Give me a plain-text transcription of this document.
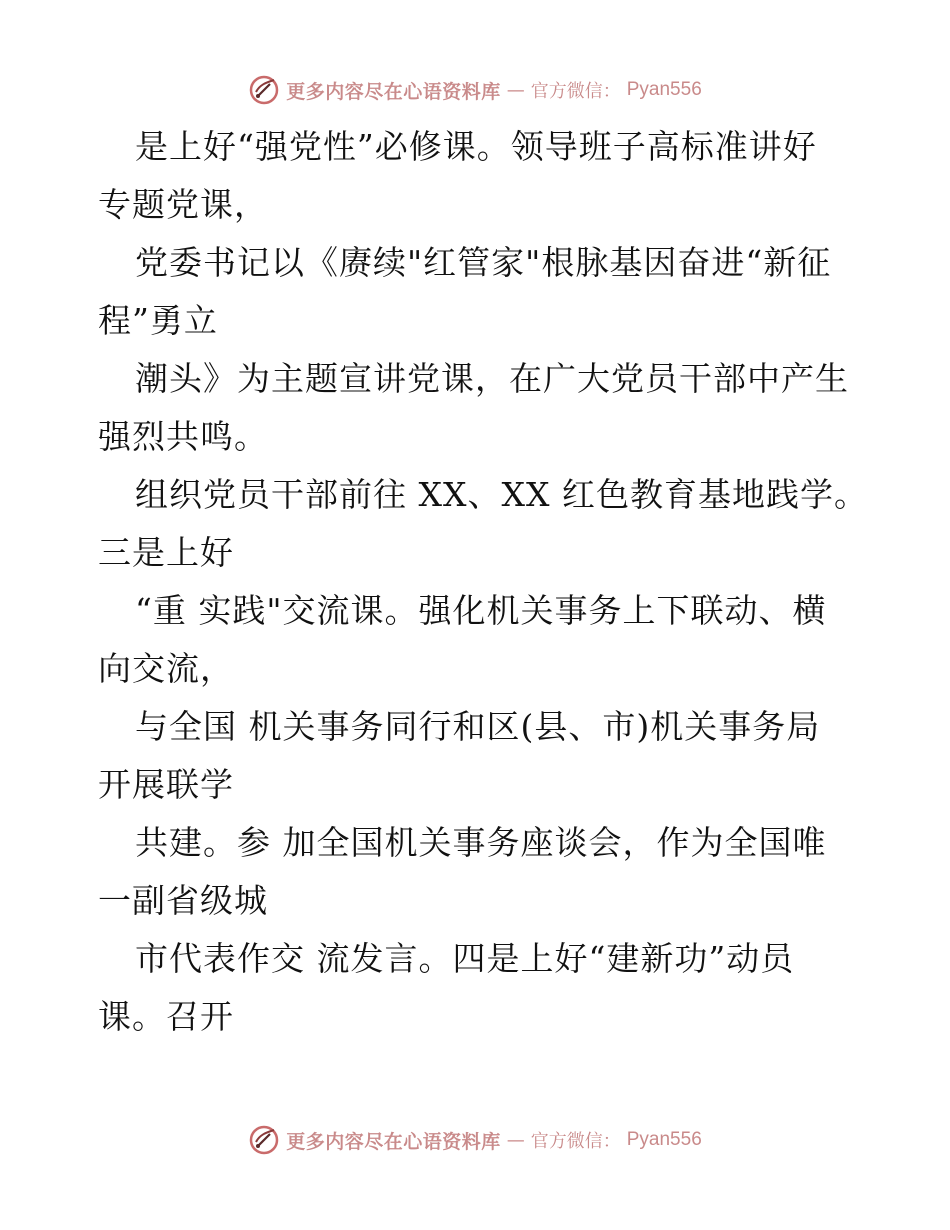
更多内容尽在心语资料库 — 官方微信： Pyan556

是上好“强党性”必修课。领导班子高标准讲好
专题党课，

党委书记以《赓续"红管家"根脉基因奋进“新征
程”勇立

潮头》为主题宣讲党课，在广大党员干部中产生
强烈共鸣。

组织党员干部前往 XX、XX 红色教育基地践学。
三是上好

“重 实践"交流课。强化机关事务上下联动、横
向交流，

与全国 机关事务同行和区(县、市)机关事务局
开展联学

共建。参 加全国机关事务座谈会，作为全国唯
一副省级城

市代表作交 流发言。四是上好“建新功”动员
课。召开

更多内容尽在心语资料库 — 官方微信： Pyan556
